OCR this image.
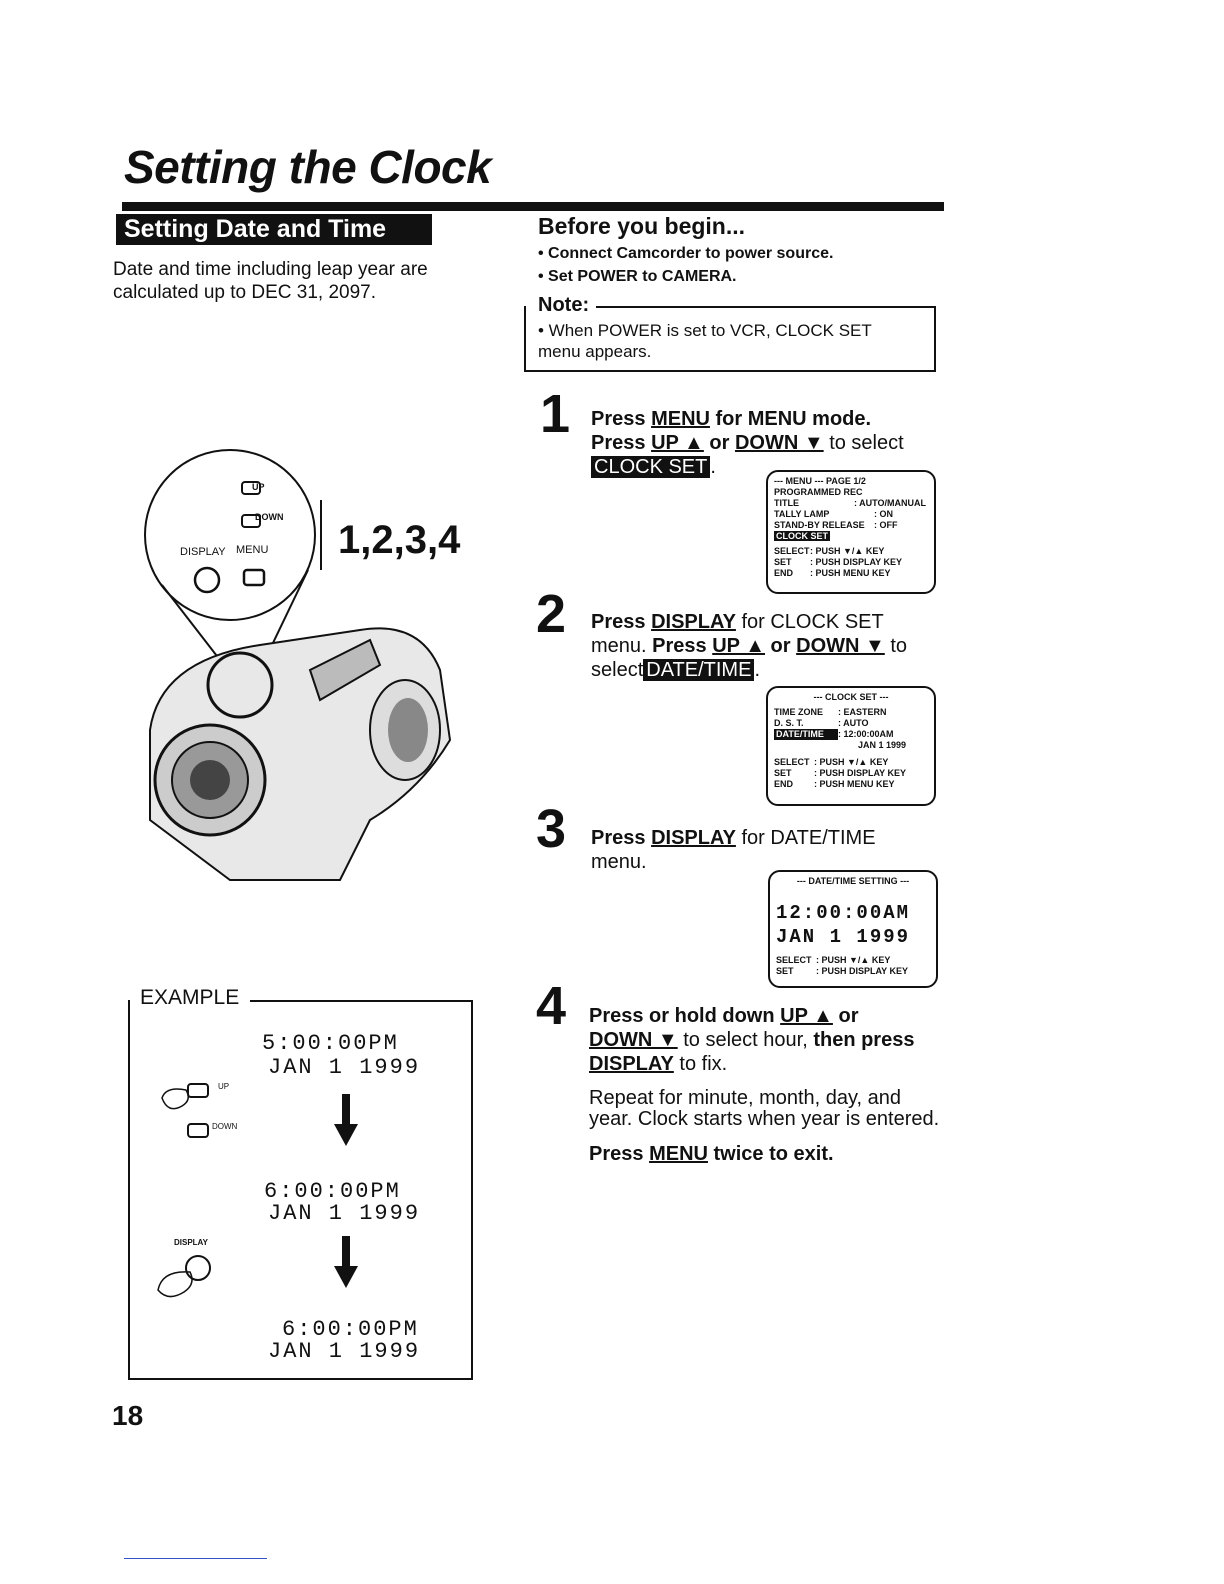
Setting the Clock
Setting Date and Time
Date and time including leap year are calculated up to DEC 31, 2097.
Before you begin...
• Connect Camcorder to power source.
• Set POWER to CAMERA.
Note:
• When POWER is set to VCR, CLOCK SET menu appears.
UP
DOWN
DISPLAY MENU 1,2,3,4
1 Press MENU for MENU mode.
Press UP ▲ or DOWN ▼ to select
CLOCK SET .
--- MENU --- PAGE 1/2
PROGRAMMED REC
TITLE	: AUTO/MANUAL
TALLY LAMP	: ON
STAND-BY RELEASE : OFF
CLOCK SET
SELECT: PUSH ▼/▲ KEY
SET : PUSH DISPLAY KEY
END : PUSH MENU KEY
2 Press DISPLAY for CLOCK SET
menu. Press UP ▲ or DOWN ▼ to
select DATE/TIME .
--- CLOCK SET ---
TIME ZONE : EASTERN
D. S. T.	: AUTO
DATE/TIME : 12:00:00AM
JAN 1 1999
SELECT : PUSH ▼/▲ KEY
SET : PUSH DISPLAY KEY
END : PUSH MENU KEY
3 Press DISPLAY for DATE/TIME
menu.
--- DATE/TIME SETTING ---
12:00:00AM
JAN 1 1999
SELECT : PUSH ▼/▲ KEY
SET : PUSH DISPLAY KEY
4 Press or hold down UP ▲ or
DOWN ▼ to select hour, then press
DISPLAY to fix.
Repeat for minute, month, day, and year. Clock starts when year is entered.
Press MENU twice to exit.
EXAMPLE
5:00:00PM
JAN 1 1999
UP
DOWN
6:00:00PM
JAN 1 1999
DISPLAY
6:00:00PM
JAN 1 1999
18
